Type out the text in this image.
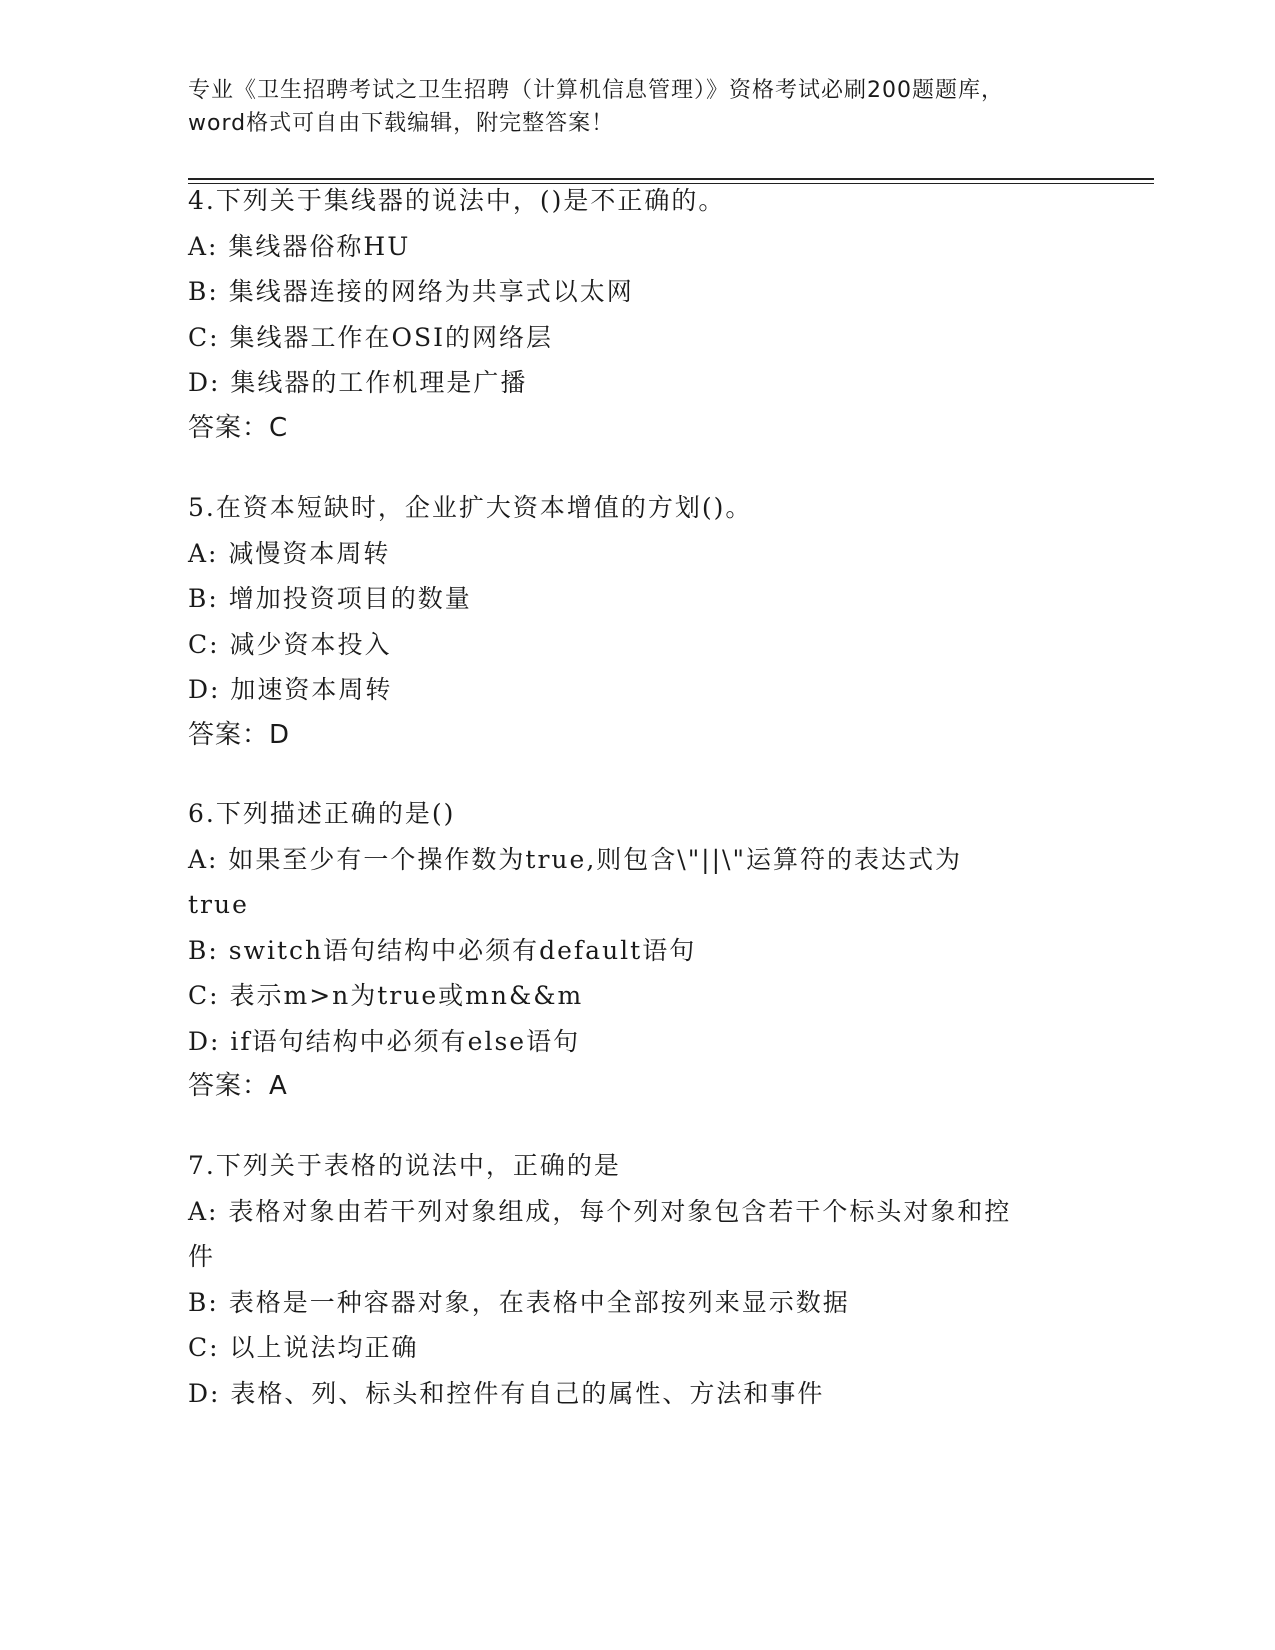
专业《卫生招聘考试之卫生招聘（计算机信息管理）》资格考试必刷200题题库，
word格式可自由下载编辑，附完整答案！
4.下列关于集线器的说法中，()是不正确的。
A: 集线器俗称HU
B: 集线器连接的网络为共享式以太网
C: 集线器工作在OSI的网络层
D: 集线器的工作机理是广播
答案：C
5.在资本短缺时，企业扩大资本增值的方划()。
A: 减慢资本周转
B: 增加投资项目的数量
C: 减少资本投入
D: 加速资本周转
答案：D
6.下列描述正确的是()
A: 如果至少有一个操作数为true,则包含\"||\"运算符的表达式为
true
B: switch语句结构中必须有default语句
C: 表示m>n为true或mn&&m
D: if语句结构中必须有else语句
答案：A
7.下列关于表格的说法中，正确的是
A: 表格对象由若干列对象组成，每个列对象包含若干个标头对象和控
件
B: 表格是一种容器对象，在表格中全部按列来显示数据
C: 以上说法均正确
D: 表格、列、标头和控件有自己的属性、方法和事件
